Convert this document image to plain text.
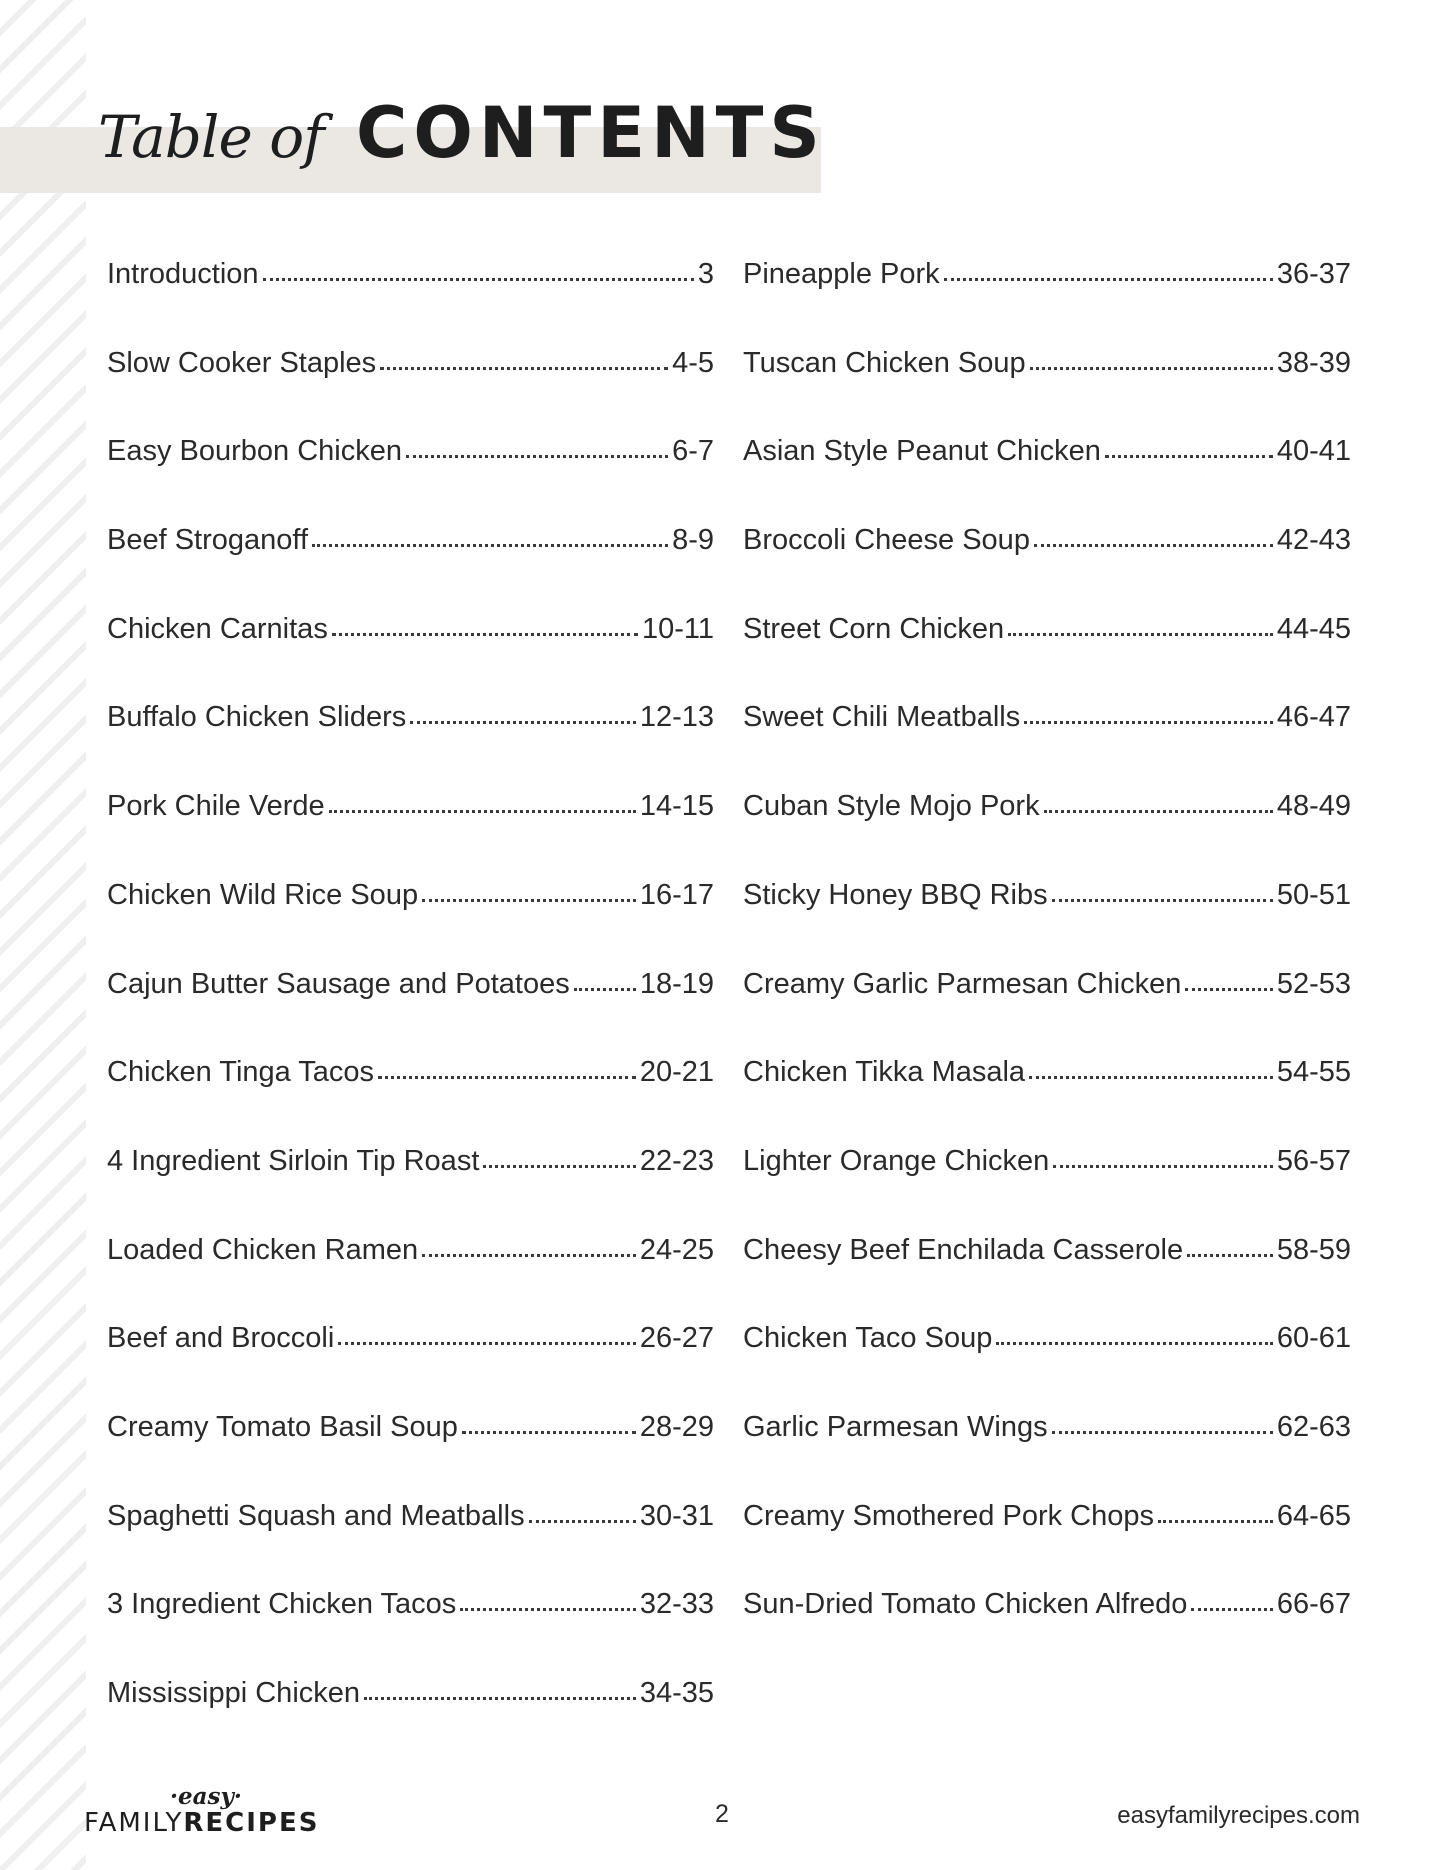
Table of CONTENTS
Introduction	3
Slow Cooker Staples	4-5
Easy Bourbon Chicken	6-7
Beef Stroganoff	8-9
Chicken Carnitas	10-11
Buffalo Chicken Sliders	12-13
Pork Chile Verde	14-15
Chicken Wild Rice Soup	16-17
Cajun Butter Sausage and Potatoes 18-19
Chicken Tinga Tacos	20-21
4 Ingredient Sirloin Tip Roast	22-23
Loaded Chicken Ramen	24-25
Beef and Broccoli	26-27
Creamy Tomato Basil Soup	28-29
Spaghetti Squash and Meatballs	30-31
3 Ingredient Chicken Tacos	32-33
Mississippi Chicken	34-35
Pineapple Pork	36-37
Tuscan Chicken Soup	38-39
Asian Style Peanut Chicken	40-41
Broccoli Cheese Soup	42-43
Street Corn Chicken	44-45
Sweet Chili Meatballs	46-47
Cuban Style Mojo Pork	48-49
Sticky Honey BBQ Ribs	50-51
Creamy Garlic Parmesan Chicken	52-53
Chicken Tikka Masala	54-55
Lighter Orange Chicken	56-57
Cheesy Beef Enchilada Casserole	58-59
Chicken Taco Soup	60-61
Garlic Parmesan Wings	62-63
Creamy Smothered Pork Chops	64-65
Sun-Dried Tomato Chicken Alfredo	66-67
·easy·
FAMILYRECIPES	2	easyfamilyrecipes.com
